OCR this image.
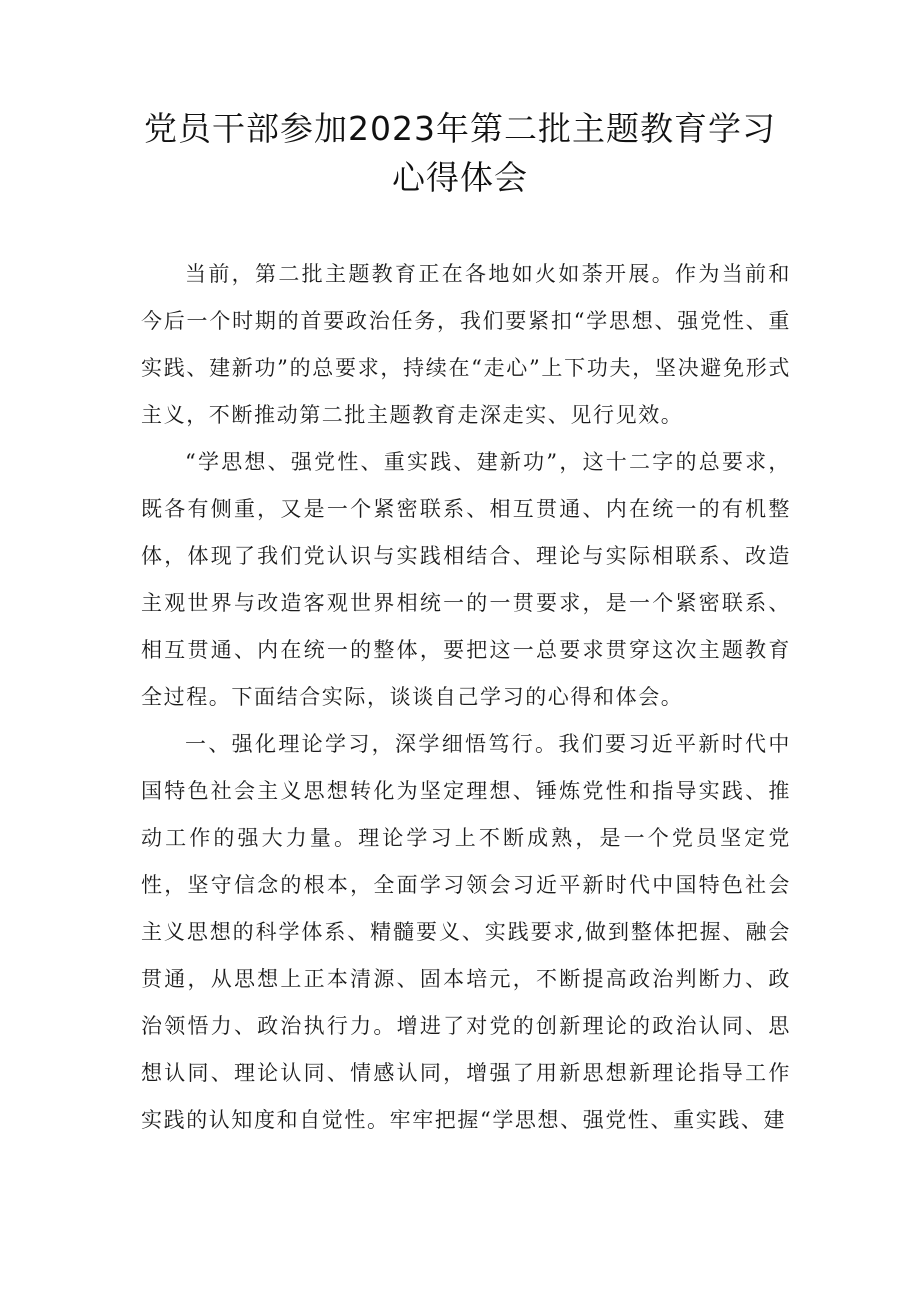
党员干部参加2023年第二批主题教育学习
心得体会

当前，第二批主题教育正在各地如火如荼开展。作为当前和今后一个时期的首要政治任务，我们要紧扣“学思想、强党性、重实践、建新功”的总要求，持续在“走心”上下功夫，坚决避免形式主义，不断推动第二批主题教育走深走实、见行见效。

“学思想、强党性、重实践、建新功”，这十二字的总要求，既各有侧重，又是一个紧密联系、相互贯通、内在统一的有机整体，体现了我们党认识与实践相结合、理论与实际相联系、改造主观世界与改造客观世界相统一的一贯要求，是一个紧密联系、相互贯通、内在统一的整体，要把这一总要求贯穿这次主题教育全过程。下面结合实际，谈谈自己学习的心得和体会。

一、强化理论学习，深学细悟笃行。我们要习近平新时代中国特色社会主义思想转化为坚定理想、锤炼党性和指导实践、推动工作的强大力量。理论学习上不断成熟，是一个党员坚定党性，坚守信念的根本，全面学习领会习近平新时代中国特色社会主义思想的科学体系、精髓要义、实践要求,做到整体把握、融会贯通，从思想上正本清源、固本培元，不断提高政治判断力、政治领悟力、政治执行力。增进了对党的创新理论的政治认同、思想认同、理论认同、情感认同，增强了用新思想新理论指导工作实践的认知度和自觉性。牢牢把握“学思想、强党性、重实践、建
